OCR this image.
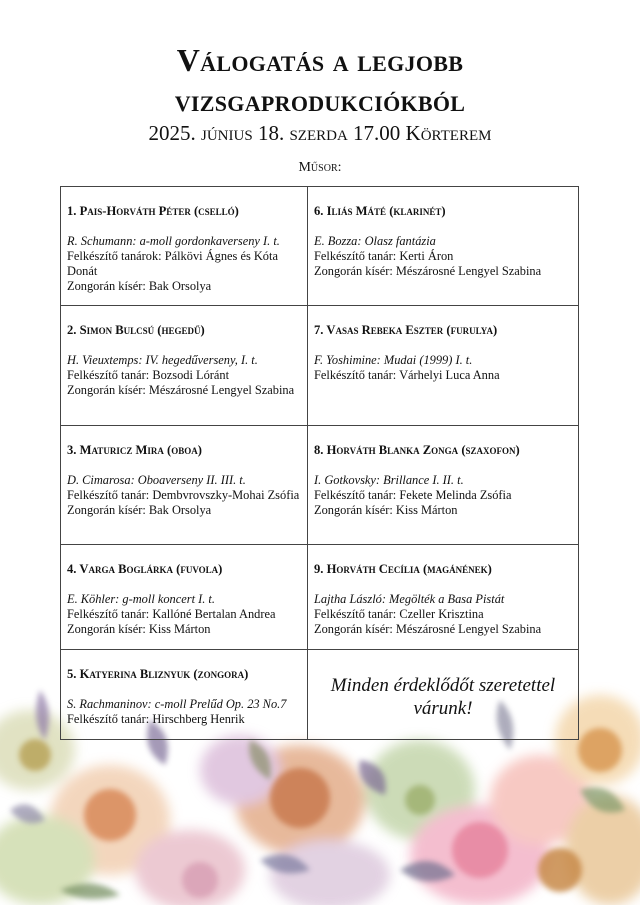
Válogatás a legjobb
vizsgaprodukciókból
2025. június 18. szerda 17.00 Körterem
Műsor:
1. Pais-Horváth Péter (cselló)
R. Schumann: a-moll gordonkaverseny I. t.
Felkészítő tanárok: Pálkövi Ágnes és Kóta Donát
Zongorán kísér: Bak Orsolya
6. Iliás Máté (klarinét)
E. Bozza: Olasz fantázia
Felkészítő tanár: Kerti Áron
Zongorán kísér: Mészárosné Lengyel Szabina
2. Simon Bulcsú (hegedű)
H. Vieuxtemps: IV. hegedűverseny, I. t.
Felkészítő tanár: Bozsodi Lóránt
Zongorán kísér: Mészárosné Lengyel Szabina
7. Vasas Rebeka Eszter (furulya)
F. Yoshimine: Mudai (1999) I. t.
Felkészítő tanár: Várhelyi Luca Anna
3. Maturicz Mira (oboa)
D. Cimarosa: Oboaverseny II. III. t.
Felkészítő tanár: Dembvrovszky-Mohai Zsófia
Zongorán kísér: Bak Orsolya
8. Horváth Blanka Zonga (szaxofon)
I. Gotkovsky: Brillance I. II. t.
Felkészítő tanár: Fekete Melinda Zsófia
Zongorán kísér: Kiss Márton
4. Varga Boglárka (fuvola)
E. Köhler: g-moll koncert I. t.
Felkészítő tanár: Kallóné Bertalan Andrea
Zongorán kísér: Kiss Márton
9. Horváth Cecília (magánének)
Lajtha László: Megölték a Basa Pistát
Felkészítő tanár: Czeller Krisztina
Zongorán kísér: Mészárosné Lengyel Szabina
5. Katyerina Bliznyuk (zongora)
S. Rachmaninov: c-moll Prelűd Op. 23 No.7
Felkészítő tanár: Hirschberg Henrik
Minden érdeklődőt szeretettel
várunk!
